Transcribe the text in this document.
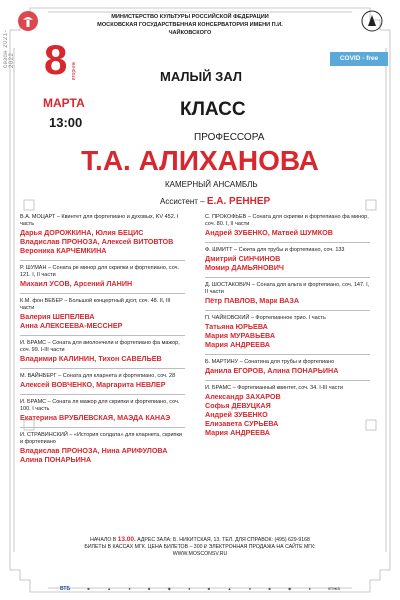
сезон 2021-2022
МИНИСТЕРСТВО КУЛЬТУРЫ РОССИЙСКОЙ ФЕДЕРАЦИИ
МОСКОВСКАЯ ГОСУДАРСТВЕННАЯ КОНСЕРВАТОРИЯ ИМЕНИ П.И. ЧАЙКОВСКОГО
COVID - free
8 вторник
МАРТА
13:00
МАЛЫЙ ЗАЛ
КЛАСС
ПРОФЕССОРА
Т.А. АЛИХАНОВА
КАМЕРНЫЙ АНСАМБЛЬ
Ассистент – Е.А. РЕННЕР
В.А. МОЦАРТ – Квинтет для фортепиано и духовых, KV 452. I часть
Дарья ДОРОЖКИНА, Юлия БЕЦИС
Владислав ПРОНОЗА, Алексей ВИТОВТОВ
Вероника КАРЧЕМКИНА
Р. ШУМАН – Соната ре минор для скрипки и фортепиано, соч. 121. I, II части
Михаил УСОВ, Арсений ЛАНИН
К.М. фон ВЕБЕР – Большой концертный дуэт, соч. 48. II, III части
Валерия ШЕПЕЛЕВА
Анна АЛЕКСЕЕВА-МЕССНЕР
И. БРАМС – Соната для виолончели и фортепиано фа мажор, соч. 99. I-III части
Владимир КАЛИНИН, Тихон САВЕЛЬЕВ
М. ВАЙНБЕРГ – Соната для кларнета и фортепиано, соч. 28
Алексей ВОВЧЕНКО, Маргарита НЕВЛЕР
И. БРАМС – Соната ля мажор для скрипки и фортепиано, соч. 100. I часть
Екатерина ВРУБЛЕВСКАЯ, МАЭДА КАНАЭ
И. СТРАВИНСКИЙ – «История солдата» для кларнета, скрипки и фортепиано
Владислав ПРОНОЗА, Нина АРИФУЛОВА
Алина ПОНАРЬИНА
С. ПРОКОФЬЕВ – Соната для скрипки и фортепиано фа минор, соч. 80. I, II части
Андрей ЗУБЕНКО, Матвей ШУМКОВ
Ф. ШМИТТ – Сюита для трубы и фортепиано, соч. 133
Дмитрий СИНЧИНОВ
Момир ДАМЬЯНОВИЧ
Д. ШОСТАКОВИЧ – Соната для альта и фортепиано, соч. 147. I, II части
Пётр ПАВЛОВ, Марк ВАЗА
П. ЧАЙКОВСКИЙ – Фортепианное трио. I часть
Татьяна ЮРЬЕВА
Мария МУРАВЬЕВА
Мария АНДРЕЕВА
Б. МАРТИНУ – Сонатина для трубы и фортепиано
Данила ЕГОРОВ, Алина ПОНАРЬИНА
И. БРАМС – Фортепианный квинтет, соч. 34. I-III части
Александр ЗАХАРОВ
Софья ДЕВУЦКАЯ
Андрей ЗУБЕНКО
Елизавета СУРЬЕВА
Мария АНДРЕЕВА
НАЧАЛО В 13.00. АДРЕС ЗАЛА: Б. НИКИТСКАЯ, 13. ТЕЛ. ДЛЯ СПРАВОК: (495) 629-9168
БИЛЕТЫ В КАССАХ МГК. ЦЕНА БИЛЕТОВ – 300 ₽ ЭЛЕКТРОННАЯ ПРОДАЖА НА САЙТЕ МГК: WWW.MOSCONSV.RU
ВТБ	■	▲	●	■	◆	●	■	▲	●	■	◆	●	ETHIS
